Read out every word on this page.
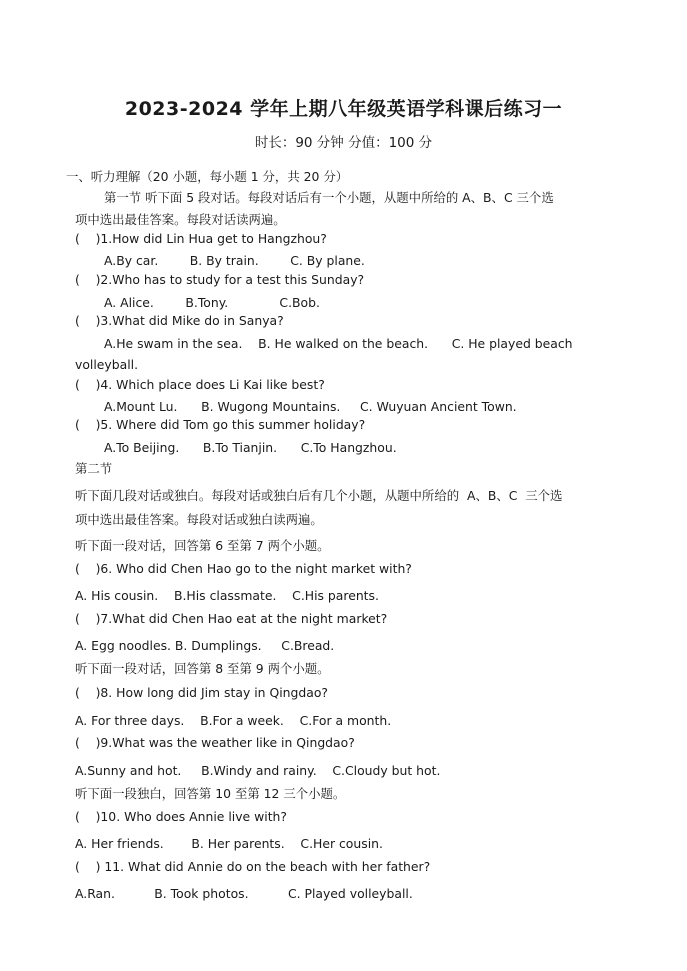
2023-2024 学年上期八年级英语学科课后练习一
时长：90 分钟 分值：100 分
一、听力理解（20 小题，每小题 1 分，共 20 分）
第一节 听下面 5 段对话。每段对话后有一个小题，从题中所给的 A、B、C 三个选
项中选出最佳答案。每段对话读两遍。
(    )1.How did Lin Hua get to Hangzhou?
A.By car.        B. By train.        C. By plane.
(    )2.Who has to study for a test this Sunday?
A. Alice.        B.Tony.             C.Bob.
(    )3.What did Mike do in Sanya?
A.He swam in the sea.    B. He walked on the beach.      C. He played beach
volleyball.
(    )4. Which place does Li Kai like best?
A.Mount Lu.      B. Wugong Mountains.     C. Wuyuan Ancient Town.
(    )5. Where did Tom go this summer holiday?
A.To Beijing.      B.To Tianjin.      C.To Hangzhou.
第二节
听下面几段对话或独白。每段对话或独白后有几个小题，从题中所给的  A、B、C  三个选
项中选出最佳答案。每段对话或独白读两遍。
听下面一段对话，回答第 6 至第 7 两个小题。
(    )6. Who did Chen Hao go to the night market with?
A. His cousin.    B.His classmate.    C.His parents.
(    )7.What did Chen Hao eat at the night market?
A. Egg noodles. B. Dumplings.     C.Bread.
听下面一段对话，回答第 8 至第 9 两个小题。
(    )8. How long did Jim stay in Qingdao?
A. For three days.    B.For a week.    C.For a month.
(    )9.What was the weather like in Qingdao?
A.Sunny and hot.     B.Windy and rainy.    C.Cloudy but hot.
听下面一段独白，回答第 10 至第 12 三个小题。
(    )10. Who does Annie live with?
A. Her friends.       B. Her parents.    C.Her cousin.
(    ) 11. What did Annie do on the beach with her father?
A.Ran.          B. Took photos.          C. Played volleyball.
